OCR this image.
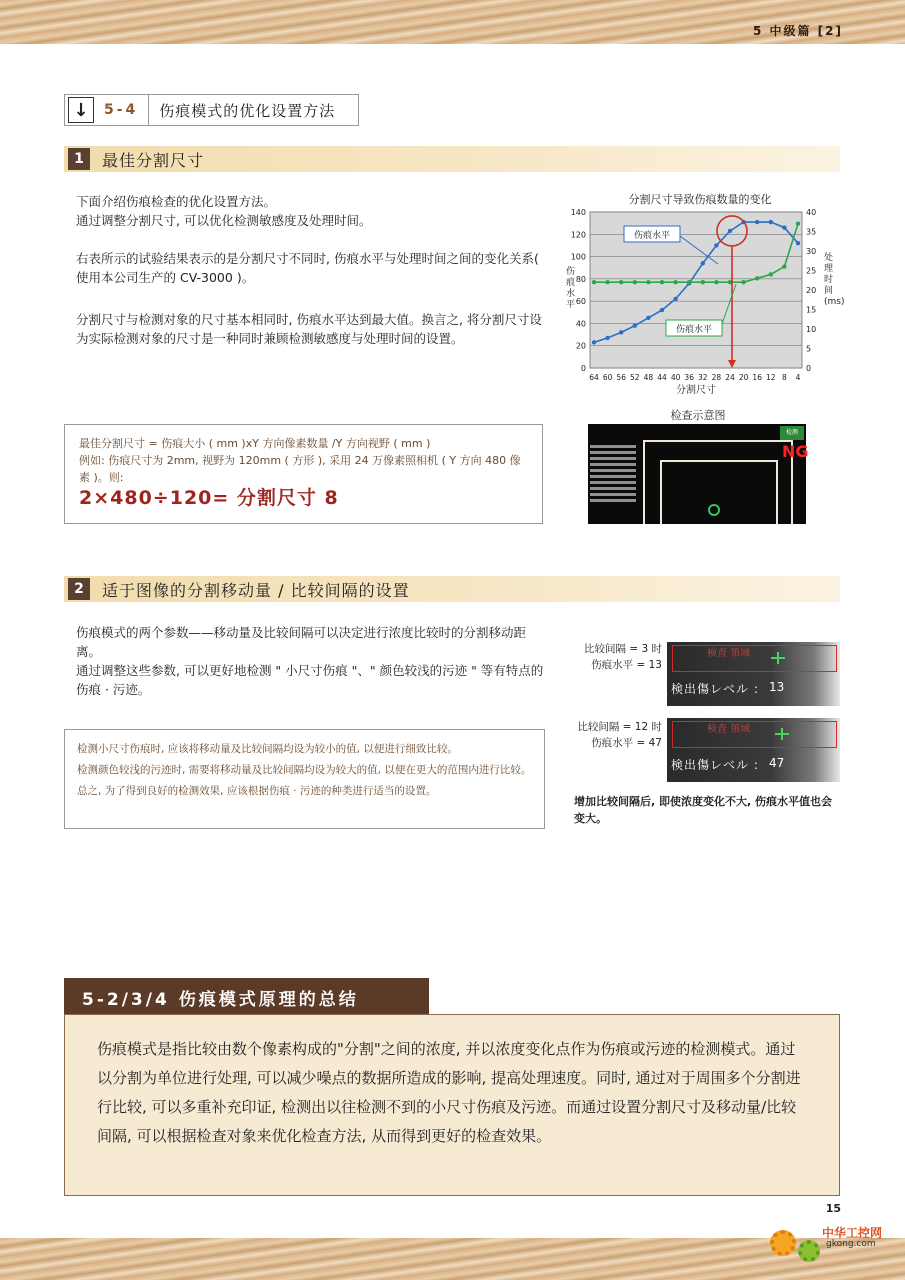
5 中级篇 [2]
↓	5-4	伤痕模式的优化设置方法
1	最佳分割尺寸
下面介绍伤痕检查的优化设置方法。
通过调整分割尺寸, 可以优化检测敏感度及处理时间。
右表所示的试验结果表示的是分割尺寸不同时, 伤痕水平与处理时间之间的变化关系( 使用本公司生产的 CV-3000 )。
分割尺寸与检测对象的尺寸基本相同时, 伤痕水平达到最大值。换言之, 将分割尺寸设为实际检测对象的尺寸是一种同时兼顾检测敏感度与处理时间的设置。
最佳分割尺寸 = 伤痕大小 ( mm )xY 方向像素数量 /Y 方向视野 ( mm )
例如: 伤痕尺寸为 2mm, 视野为 120mm ( 方形 ), 采用 24 万像素照相机 ( Y 方向 480 像素 )。则:
2×480÷120= 分割尺寸 8
分割尺寸导致伤痕数量的变化
0
20
40
60
80
100
120
140
0
5
10
15
20
25
30
35
40
64 60 56 52 48 44 40 36 32 28 24 20 16 12 8 4
分割尺寸
伤
痕
水
平
处
理
时
间
(ms)
伤痕水平
伤痕水平
检查示意图
检测
NG
2	适于图像的分割移动量 / 比较间隔的设置
伤痕模式的两个参数——移动量及比较间隔可以决定进行浓度比较时的分割移动距离。
通过调整这些参数, 可以更好地检测 " 小尺寸伤痕 "、" 颜色较浅的污迹 " 等有特点的伤痕 · 污迹。
检测小尺寸伤痕时, 应该将移动量及比较间隔均设为较小的值, 以便进行细致比较。
检测颜色较浅的污迹时, 需要将移动量及比较间隔均设为较大的值, 以便在更大的范围内进行比较。
总之, 为了得到良好的检测效果, 应该根据伤痕 · 污迹的种类进行适当的设置。
比较间隔 = 3 时
伤痕水平 = 13
検査 領域
検出傷レベル : 13
比较间隔 = 12 时
伤痕水平 = 47
検査 領域
検出傷レベル : 47
增加比较间隔后, 即使浓度变化不大, 伤痕水平值也会变大。
5-2/3/4 伤痕模式原理的总结
伤痕模式是指比较由数个像素构成的"分割"之间的浓度, 并以浓度变化点作为伤痕或污迹的检测模式。通过以分割为单位进行处理, 可以减少噪点的数据所造成的影响, 提高处理速度。同时, 通过对于周围多个分割进行比较, 可以多重补充印证, 检测出以往检测不到的小尺寸伤痕及污迹。而通过设置分割尺寸及移动量/比较间隔, 可以根据检查对象来优化检查方法, 从而得到更好的检查效果。
15
中华工控网
gkong.com
